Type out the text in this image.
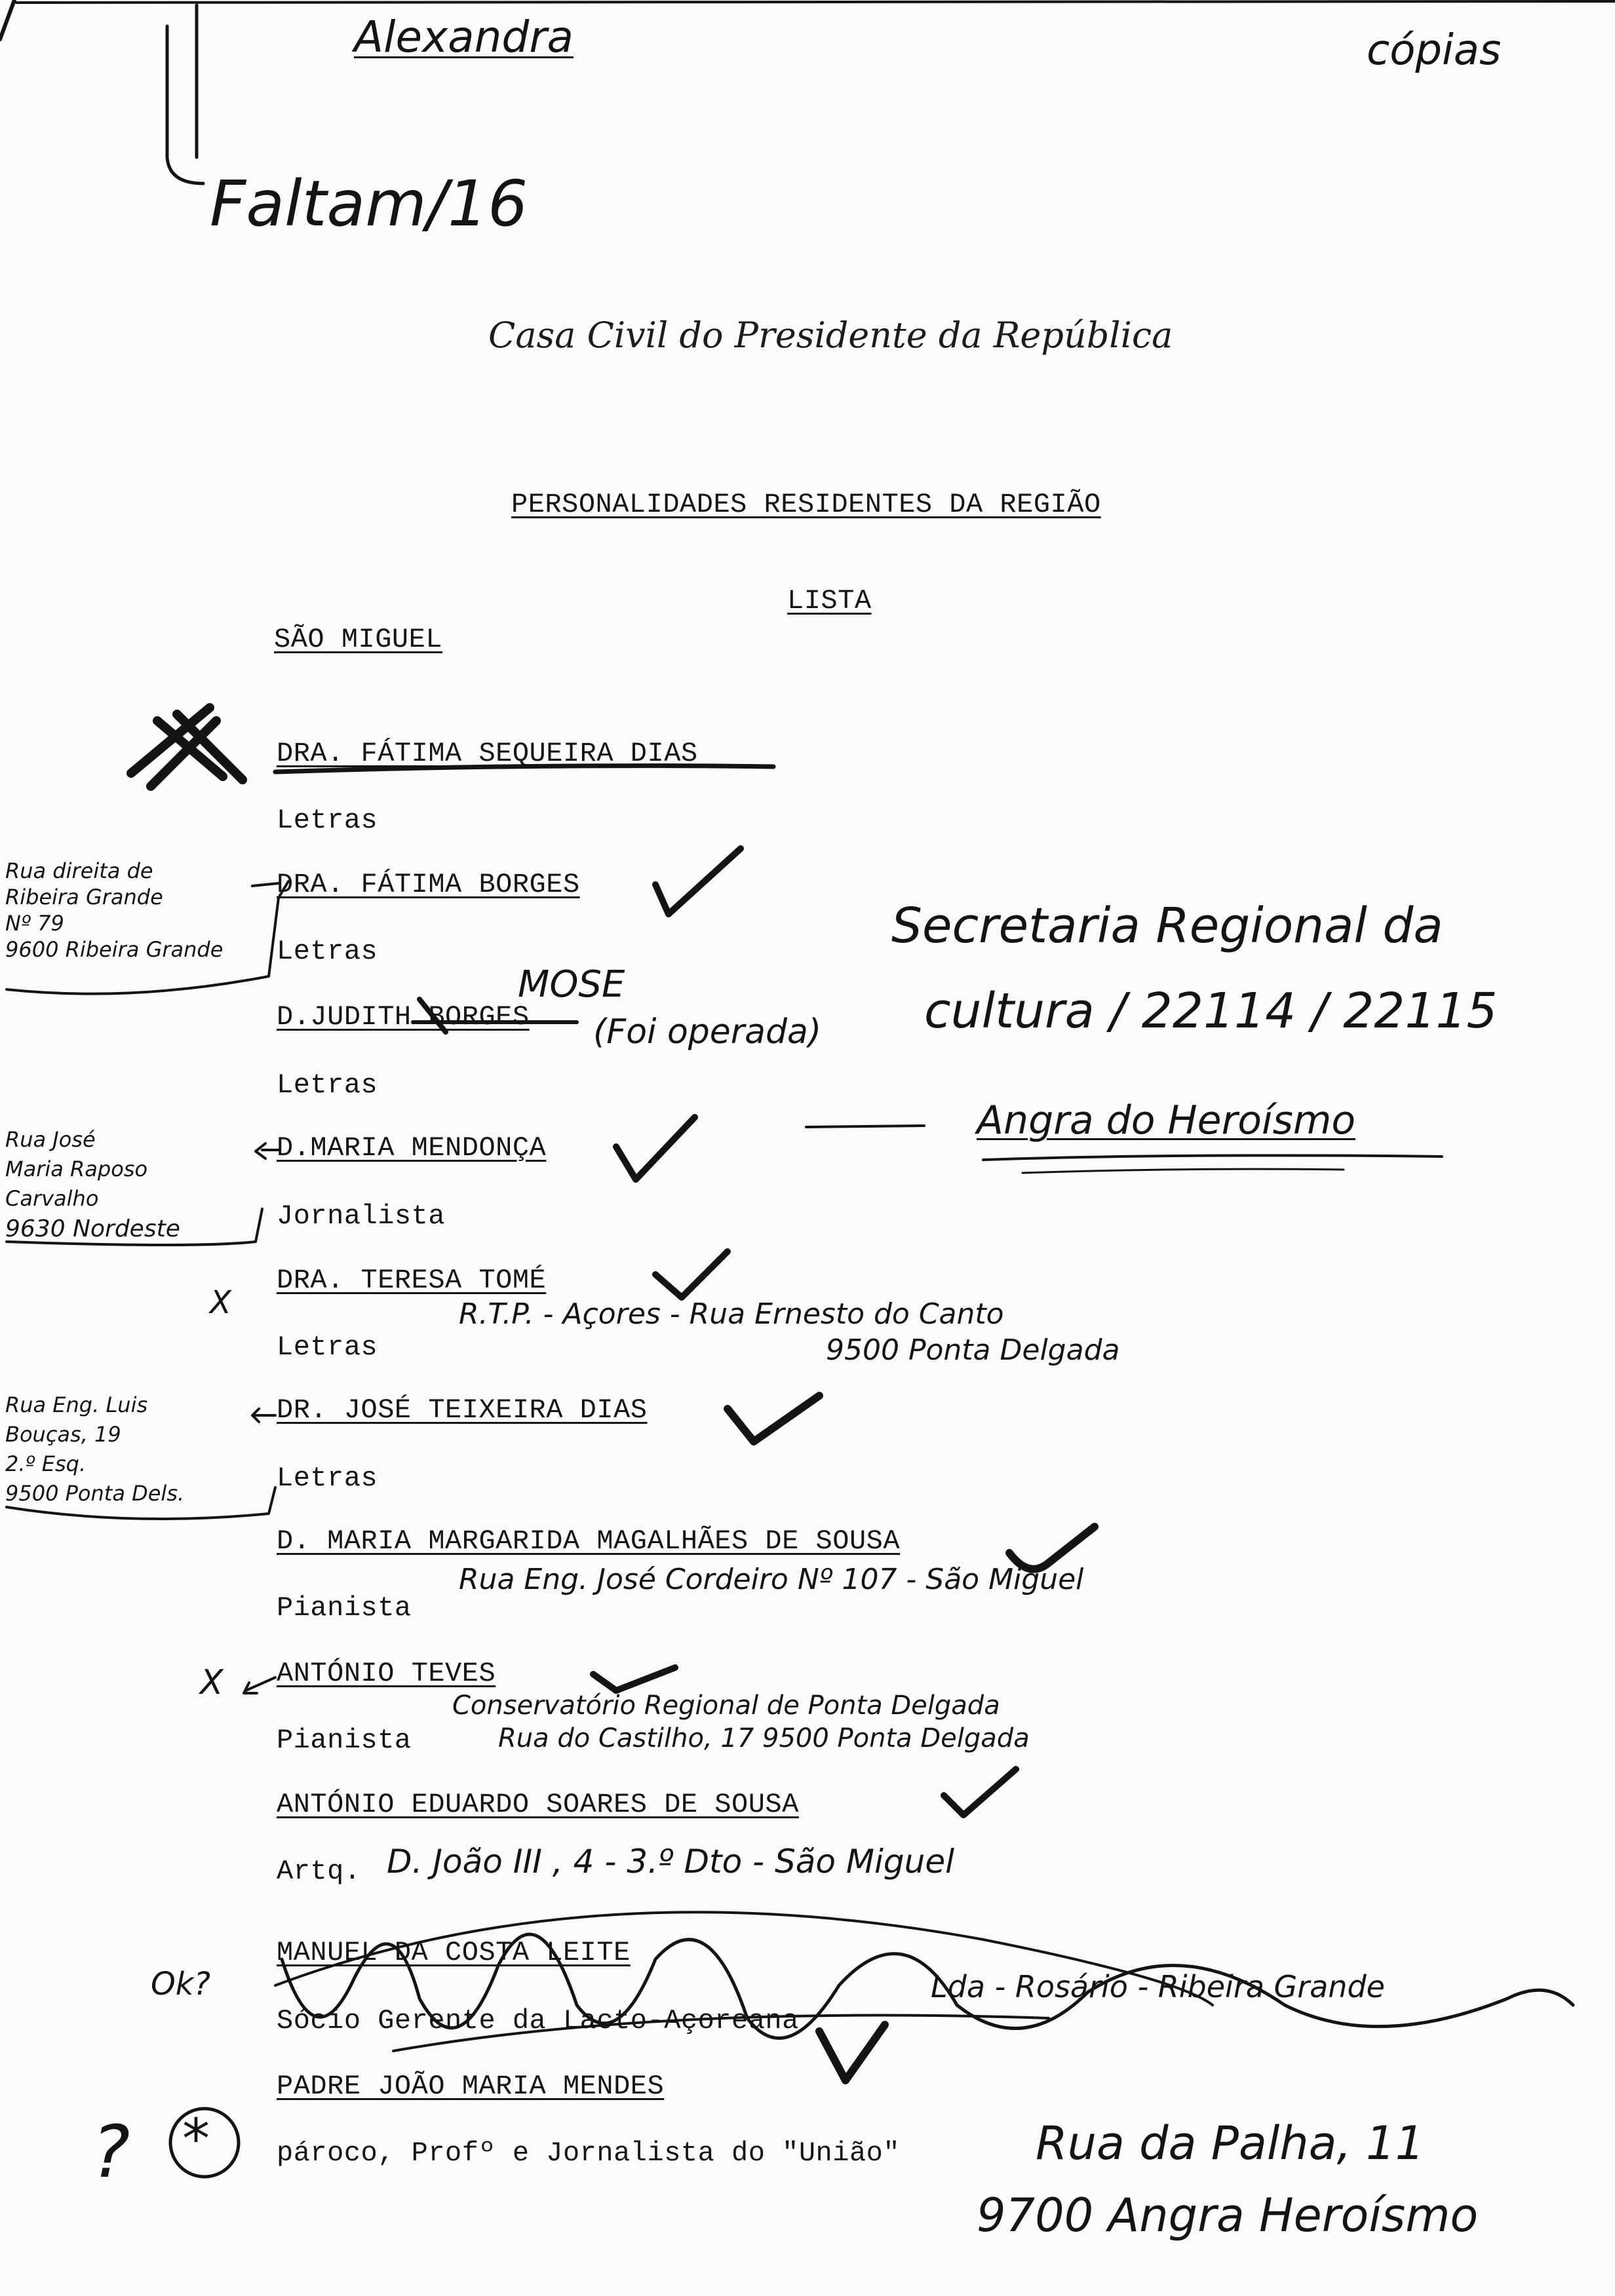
Casa Civil do Presidente da República
PERSONALIDADES RESIDENTES DA REGIÃO
LISTA
SÃO MIGUEL
DRA. FÁTIMA SEQUEIRA DIAS
Letras
DRA. FÁTIMA BORGES
Letras
D.JUDITH BORGES
Letras
D.MARIA MENDONÇA
Jornalista
DRA. TERESA TOMÉ
Letras
DR. JOSÉ TEIXEIRA DIAS
Letras
D. MARIA MARGARIDA MAGALHÃES DE SOUSA
Pianista
ANTÓNIO TEVES
Pianista
ANTÓNIO EDUARDO SOARES DE SOUSA
Artq.
MANUEL DA COSTA LEITE
Sócio Gerente da Lacto-Açoreana
PADRE JOÃO MARIA MENDES
pároco, Profº e Jornalista do "União"
Alexandra	cópias
Faltam/16
Secretaria Regional da
cultura / 22114 / 22115
Angra do Heroísmo
MOSE
(Foi operada)
Rua direita de
Ribeira Grande
Nº 79
9600 Ribeira Grande
Rua José
Maria Raposo
Carvalho
9630 Nordeste
R.T.P. - Açores - Rua Ernesto do Canto
9500 Ponta Delgada
Rua Eng. Luis
Bouças, 19
2.º Esq.
9500 Ponta Dels.
Rua Eng. José Cordeiro Nº 107 - São Miguel
Conservatório Regional de Ponta Delgada
Rua do Castilho, 17 9500 Ponta Delgada
D. João III , 4 - 3.º Dto - São Miguel
Lda - Rosário - Ribeira Grande
Ok?
? *
X
X
Rua da Palha, 11
9700 Angra Heroísmo
